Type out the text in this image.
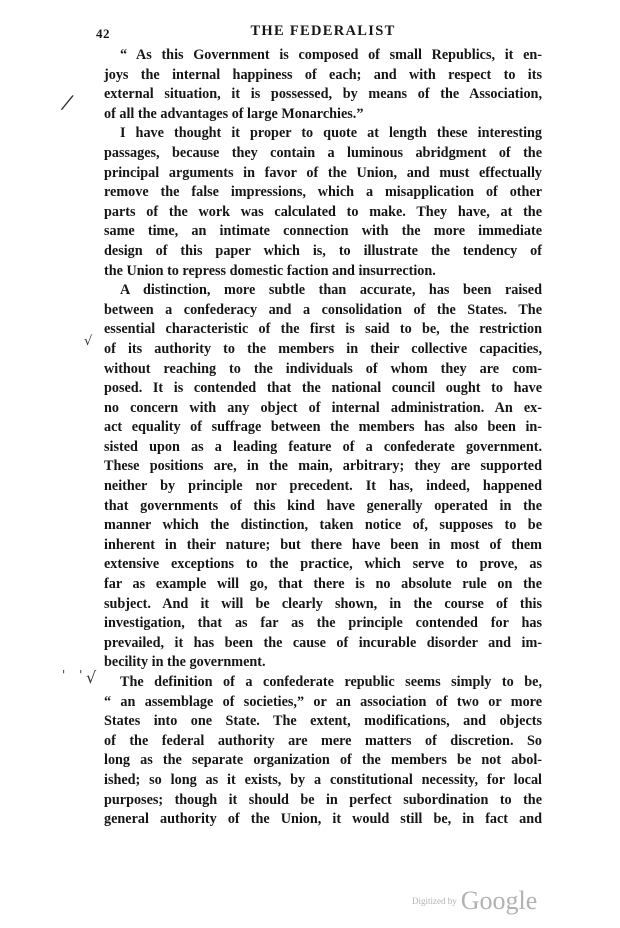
42	THE FEDERALIST
“ As this Government is composed of small Republics, it en-
joys the internal happiness of each; and with respect to its
external situation, it is possessed, by means of the Association,
of all the advantages of large Monarchies.”
I have thought it proper to quote at length these interesting
passages, because they contain a luminous abridgment of the
principal arguments in favor of the Union, and must effectually
remove the false impressions, which a misapplication of other
parts of the work was calculated to make. They have, at the
same time, an intimate connection with the more immediate
design of this paper which is, to illustrate the tendency of
the Union to repress domestic faction and insurrection.
A distinction, more subtle than accurate, has been raised
between a confederacy and a consolidation of the States. The
essential characteristic of the first is said to be, the restriction
of its authority to the members in their collective capacities,
without reaching to the individuals of whom they are com-
posed. It is contended that the national council ought to have
no concern with any object of internal administration. An ex-
act equality of suffrage between the members has also been in-
sisted upon as a leading feature of a confederate government.
These positions are, in the main, arbitrary; they are supported
neither by principle nor precedent. It has, indeed, happened
that governments of this kind have generally operated in the
manner which the distinction, taken notice of, supposes to be
inherent in their nature; but there have been in most of them
extensive exceptions to the practice, which serve to prove, as
far as example will go, that there is no absolute rule on the
subject. And it will be clearly shown, in the course of this
investigation, that as far as the principle contended for has
prevailed, it has been the cause of incurable disorder and im-
becility in the government.
The definition of a confederate republic seems simply to be,
“ an assemblage of societies,” or an association of two or more
States into one State. The extent, modifications, and objects
of the federal authority are mere matters of discretion. So
long as the separate organization of the members be not abol-
ished; so long as it exists, by a constitutional necessity, for local
purposes; though it should be in perfect subordination to the
general authority of the Union, it would still be, in fact and
/
√
' '
√
Digitized by Google
